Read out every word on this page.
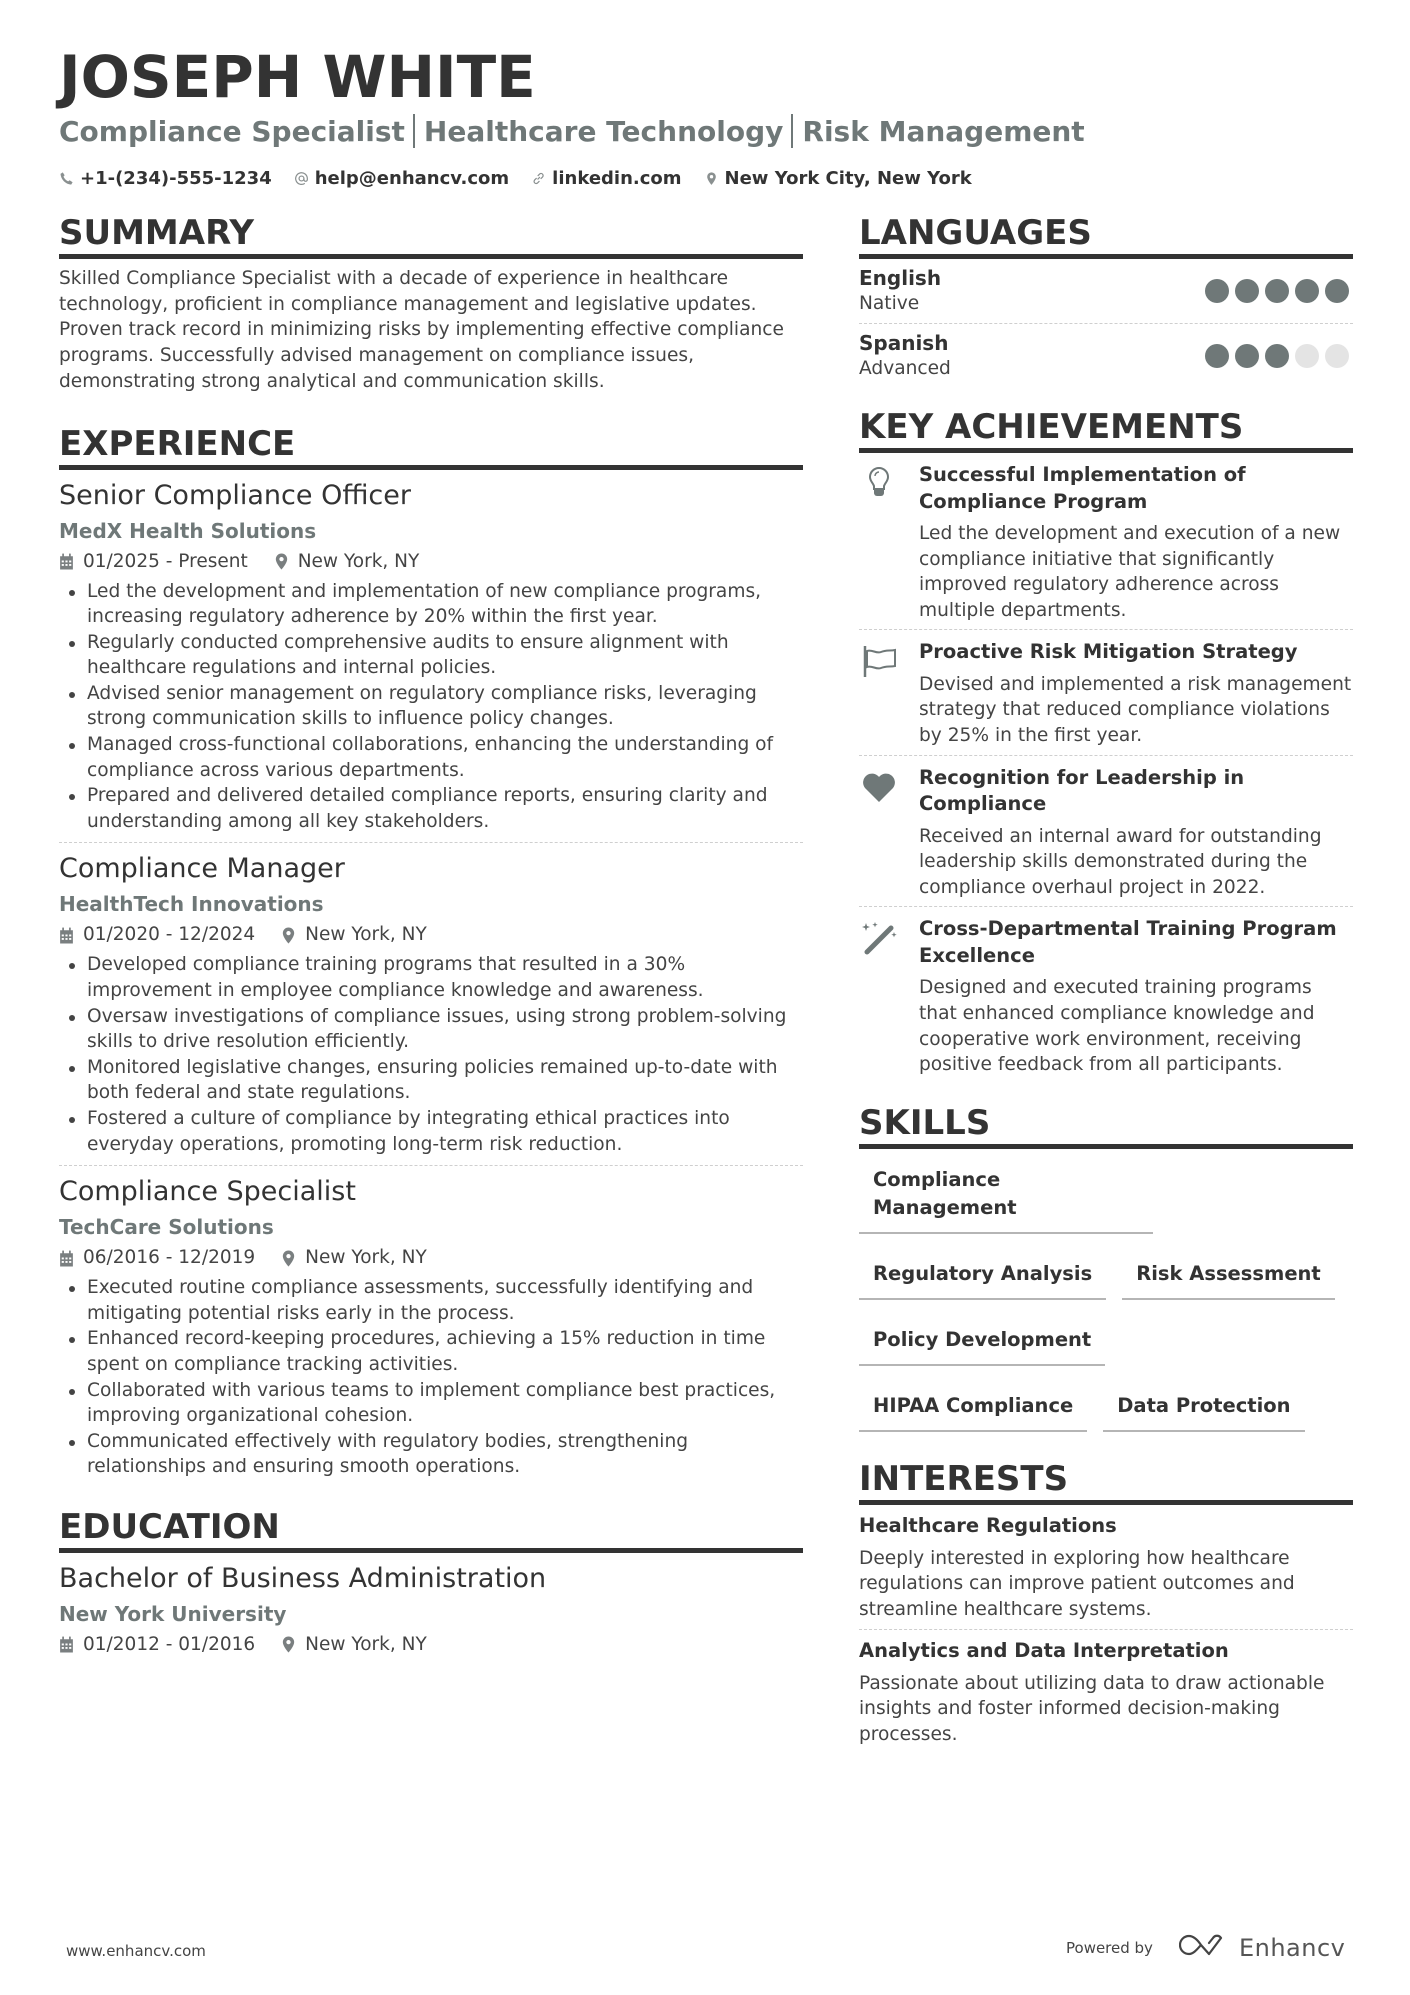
JOSEPH WHITE
Compliance Specialist Healthcare Technology Risk Management
+1-(234)-555-1234 help@enhancv.com linkedin.com New York City, New York
SUMMARY

Skilled Compliance Specialist with a decade of experience in healthcare technology, proficient in compliance management and legislative updates. Proven track record in minimizing risks by implementing effective compliance programs. Successfully advised management on compliance issues, demonstrating strong analytical and communication skills.

EXPERIENCE
Senior Compliance Officer
MedX Health Solutions
01/2025 - Present	New York, NY
Led the development and implementation of new compliance programs, increasing regulatory adherence by 20% within the first year.
Regularly conducted comprehensive audits to ensure alignment with healthcare regulations and internal policies.
Advised senior management on regulatory compliance risks, leveraging strong communication skills to influence policy changes.
Managed cross-functional collaborations, enhancing the understanding of compliance across various departments.
Prepared and delivered detailed compliance reports, ensuring clarity and understanding among all key stakeholders.
Compliance Manager
HealthTech Innovations
01/2020 - 12/2024	New York, NY
Developed compliance training programs that resulted in a 30% improvement in employee compliance knowledge and awareness.
Oversaw investigations of compliance issues, using strong problem-solving skills to drive resolution efficiently.
Monitored legislative changes, ensuring policies remained up-to-date with both federal and state regulations.
Fostered a culture of compliance by integrating ethical practices into everyday operations, promoting long-term risk reduction.
Compliance Specialist
TechCare Solutions
06/2016 - 12/2019	New York, NY
Executed routine compliance assessments, successfully identifying and mitigating potential risks early in the process.
Enhanced record-keeping procedures, achieving a 15% reduction in time spent on compliance tracking activities.
Collaborated with various teams to implement compliance best practices, improving organizational cohesion.
Communicated effectively with regulatory bodies, strengthening relationships and ensuring smooth operations.
EDUCATION
Bachelor of Business Administration
New York University
01/2012 - 01/2016	New York, NY
LANGUAGES
English
Native
Spanish
Advanced
KEY ACHIEVEMENTS
Successful Implementation of Compliance Program
Led the development and execution of a new compliance initiative that significantly improved regulatory adherence across multiple departments.
Proactive Risk Mitigation Strategy
Devised and implemented a risk management strategy that reduced compliance violations by 25% in the first year.
Recognition for Leadership in Compliance
Received an internal award for outstanding leadership skills demonstrated during the compliance overhaul project in 2022.
Cross-Departmental Training Program Excellence
Designed and executed training programs that enhanced compliance knowledge and cooperative work environment, receiving positive feedback from all participants.
SKILLS
Compliance Management
Regulatory Analysis	Risk Assessment
Policy Development
HIPAA Compliance	Data Protection
INTERESTS
Healthcare Regulations
Deeply interested in exploring how healthcare regulations can improve patient outcomes and streamline healthcare systems.
Analytics and Data Interpretation
Passionate about utilizing data to draw actionable insights and foster informed decision-making processes.
www.enhancv.com	Powered by	Enhancv
